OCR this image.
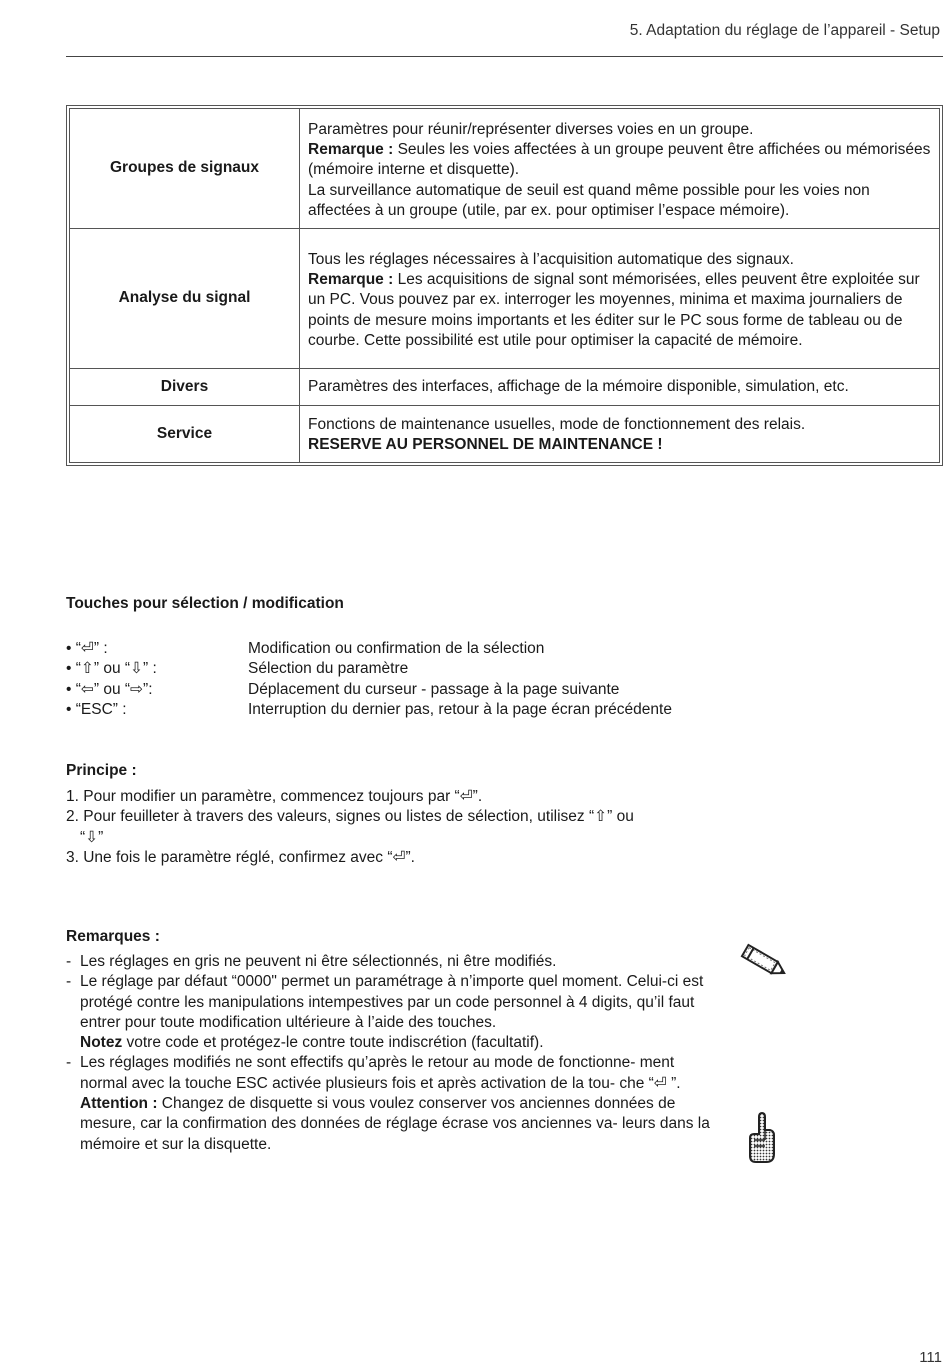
5. Adaptation du réglage de l’appareil - Setup
Groupes de signaux	Paramètres pour réunir/représenter diverses voies en un groupe.
Remarque : Seules les voies affectées à un groupe peuvent être affichées ou mémorisées (mémoire interne et disquette).
La surveillance automatique de seuil est quand même possible pour les voies non affectées à un groupe (utile, par ex. pour optimiser l’espace mémoire).

Analyse du signal	Tous les réglages nécessaires à l’acquisition automatique des signaux.
Remarque : Les acquisitions de signal sont mémorisées, elles peuvent être exploitée sur un PC. Vous pouvez par ex. interroger les moyennes, minima et maxima journaliers de points de mesure moins importants et les éditer sur le PC sous forme de tableau ou de courbe. Cette possibilité est utile pour optimiser la capacité de mémoire.

Divers	Paramètres des interfaces, affichage de la mémoire disponible, simulation, etc.

Service	Fonctions de maintenance usuelles, mode de fonctionnement des relais.
RESERVE AU PERSONNEL DE MAINTENANCE !
Touches pour sélection / modification
• “⏎” :	Modification ou confirmation de la sélection
• “⇧” ou “⇩” :	Sélection du paramètre
• “⇦” ou “⇨”:	Déplacement du curseur - passage à la page suivante
• “ESC” :	Interruption du dernier pas, retour à la page écran précédente
Principe :
1. Pour modifier un paramètre, commencez toujours par “⏎”.
2. Pour feuilleter à travers des valeurs, signes ou listes de sélection, utilisez “⇧” ou
“⇩”
3. Une fois le paramètre réglé, confirmez avec “⏎”.
Remarques :
- Les réglages en gris ne peuvent ni être sélectionnés, ni être modifiés.
- Le réglage par défaut “0000" permet un paramétrage à n’importe quel moment. Celui-ci est protégé contre les manipulations intempestives par un code personnel à 4 digits, qu’il faut entrer pour toute modification ultérieure à l’aide des touches.
Notez votre code et protégez-le contre toute indiscrétion (facultatif).
- Les réglages modifiés ne sont effectifs qu’après le retour au mode de fonctionne- ment normal avec la touche ESC activée plusieurs fois et après activation de la tou- che “⏎ ”.
Attention : Changez de disquette si vous voulez conserver vos anciennes données de mesure, car la confirmation des données de réglage écrase vos anciennes va- leurs dans la mémoire et sur la disquette.
111
